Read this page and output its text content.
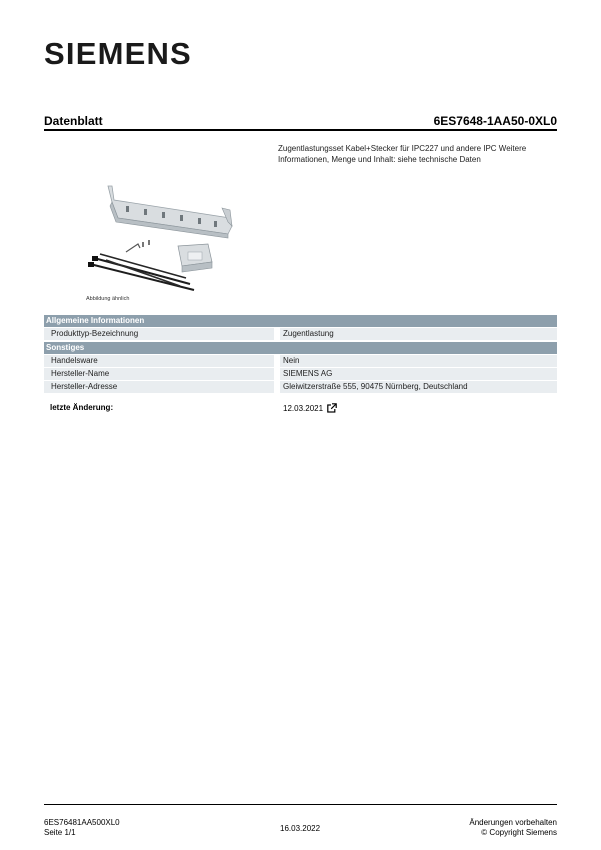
SIEMENS
Datenblatt	6ES7648-1AA50-0XL0
Zugentlastungsset Kabel+Stecker für IPC227 und andere IPC Weitere Informationen, Menge und Inhalt: siehe technische Daten
Abbildung ähnlich
Allgemeine Informationen
Produkttyp-Bezeichnung	Zugentlastung
Sonstiges
Handelsware	Nein
Hersteller-Name	SIEMENS AG
Hersteller-Adresse	Gleiwitzerstraße 555, 90475 Nürnberg, Deutschland
letzte Änderung:	12.03.2021
6ES76481AA500XL0
Seite 1/1	16.03.2022
Änderungen vorbehalten
© Copyright Siemens
